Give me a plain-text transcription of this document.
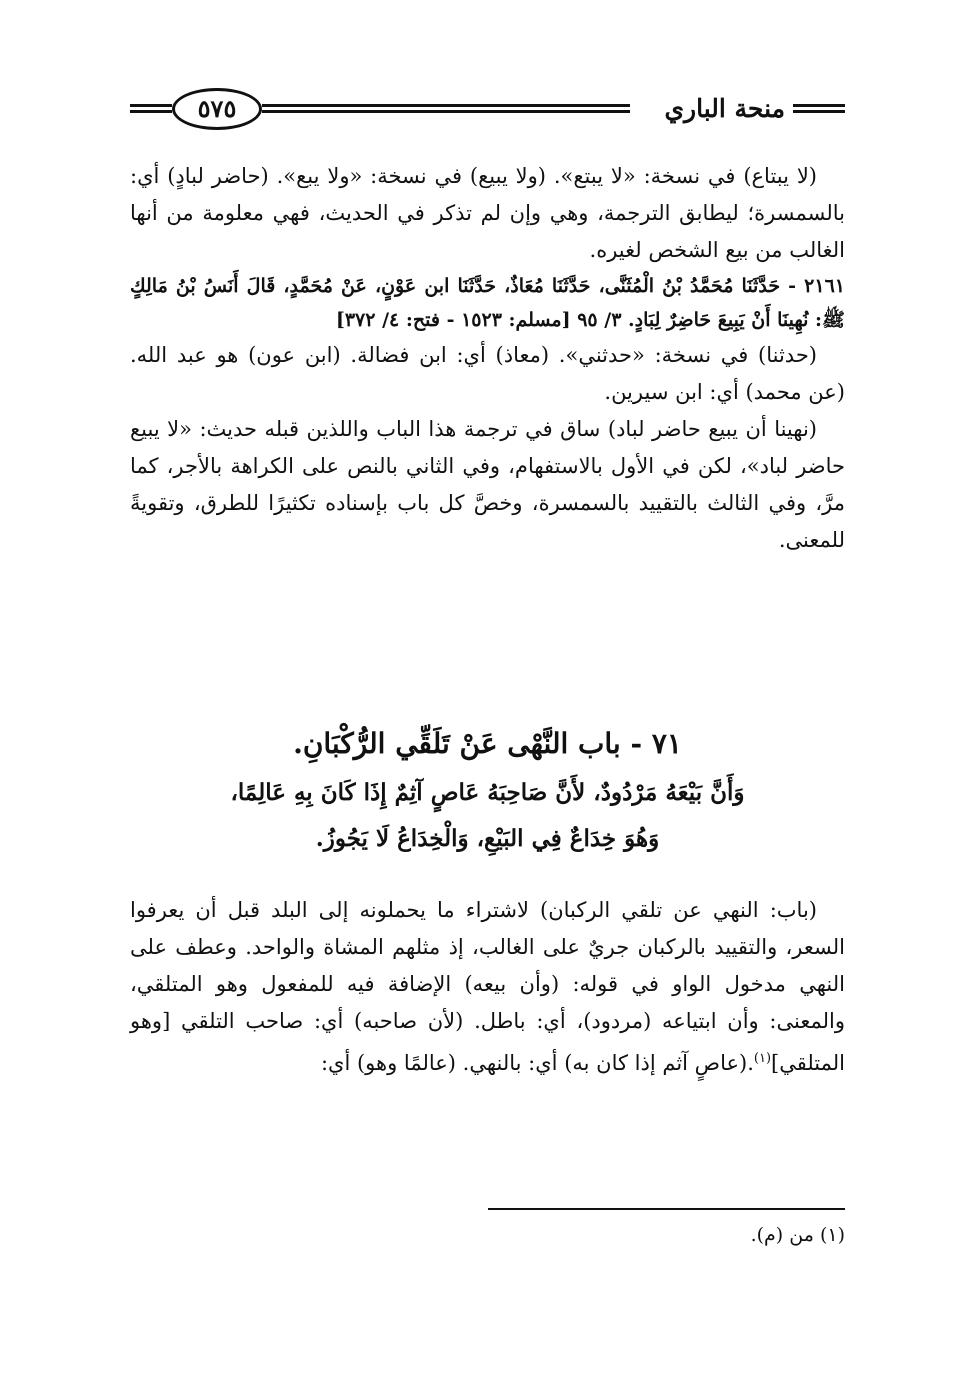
منحة الباري
٥٧٥

(لا يبتاع) في نسخة: «لا يبتع». (ولا يبيع) في نسخة: «ولا يبع». (حاضر لبادٍ) أي: بالسمسرة؛ ليطابق الترجمة، وهي وإن لم تذكر في الحديث، فهي معلومة من أنها الغالب من بيع الشخص لغيره.

٢١٦١ - حَدَّثَنَا مُحَمَّدُ بْنُ الْمُثَنَّى، حَدَّثَنَا مُعَاذٌ، حَدَّثَنَا ابن عَوْنٍ، عَنْ مُحَمَّدٍ، قَالَ أَنَسُ بْنُ مَالِكٍ ﷺ: نُهِينَا أَنْ يَبِيعَ حَاضِرٌ لِبَادٍ. ٣/ ٩٥ [مسلم: ١٥٢٣ - فتح: ٤/ ٣٧٢]

(حدثنا) في نسخة: «حدثني». (معاذ) أي: ابن فضالة. (ابن عون) هو عبد الله. (عن محمد) أي: ابن سيرين.

(نهينا أن يبيع حاضر لباد) ساق في ترجمة هذا الباب واللذين قبله حديث: «لا يبيع حاضر لباد»، لكن في الأول بالاستفهام، وفي الثاني بالنص على الكراهة بالأجر، كما مرَّ، وفي الثالث بالتقييد بالسمسرة، وخصَّ كل باب بإسناده تكثيرًا للطرق، وتقويةً للمعنى.

٧١ - باب النَّهْى عَنْ تَلَقِّي الرُّكْبَانِ.
وَأَنَّ بَيْعَهُ مَرْدُودٌ، لأَنَّ صَاحِبَهُ عَاصٍ آثِمٌ إِذَا كَانَ بِهِ عَالِمًا،
وَهُوَ خِدَاعٌ فِي البَيْعِ، وَالْخِدَاعُ لَا يَجُوزُ.

(باب: النهي عن تلقي الركبان) لاشتراء ما يحملونه إلى البلد قبل أن يعرفوا السعر، والتقييد بالركبان جريٌ على الغالب، إذ مثلهم المشاة والواحد. وعطف على النهي مدخول الواو في قوله: (وأن بيعه) الإضافة فيه للمفعول وهو المتلقي، والمعنى: وأن ابتياعه (مردود)، أي: باطل. (لأن صاحبه) أي: صاحب التلقي [وهو المتلقي]$^{(١)}$.(عاصٍ آثم إذا كان به) أي: بالنهي. (عالمًا وهو) أي:

(١) من (م).
